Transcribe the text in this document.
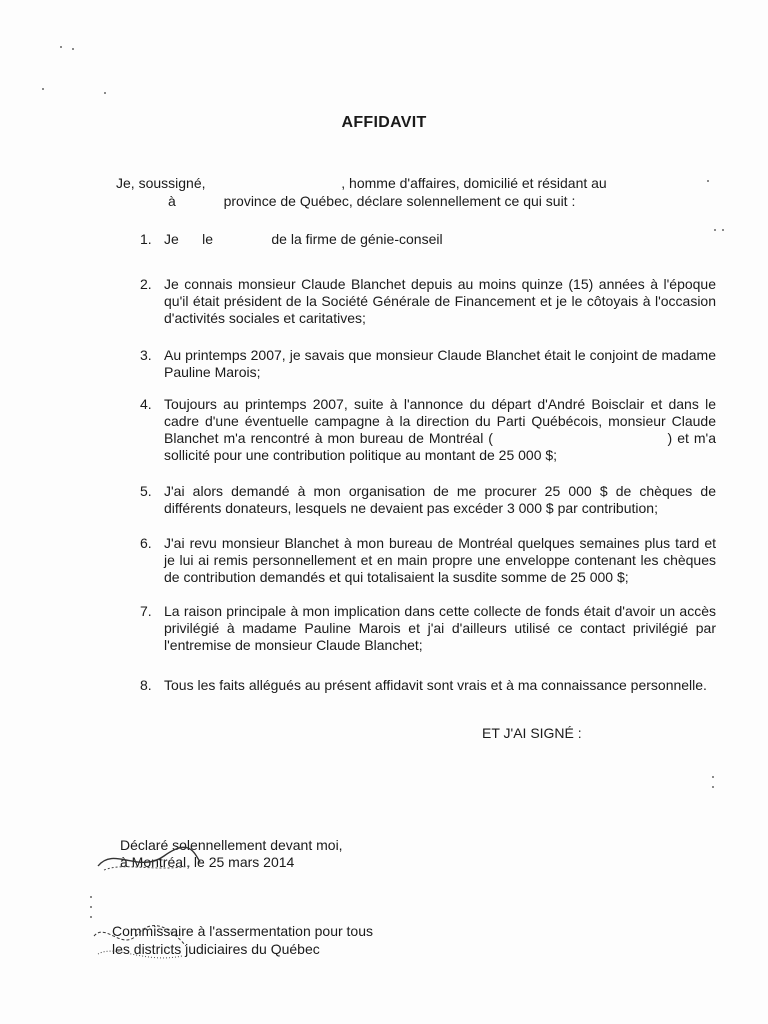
AFFIDAVIT
Je, soussigné,	, homme d'affaires, domicilié et résidant au
à	province de Québec, déclare solennellement ce qui suit :
1. Je      le               de la firme de génie-conseil
2. Je connais monsieur Claude Blanchet depuis au moins quinze (15) années à l'époque qu'il était président de la Société Générale de Financement et je le côtoyais à l'occasion d'activités sociales et caritatives;
3. Au printemps 2007, je savais que monsieur Claude Blanchet était le conjoint de madame Pauline Marois;
4. Toujours au printemps 2007, suite à l'annonce du départ d'André Boisclair et dans le cadre d'une éventuelle campagne à la direction du Parti Québécois, monsieur Claude Blanchet m'a rencontré à mon bureau de Montréal (                                   ) et m'a sollicité pour une contribution politique au montant de 25 000 $;
5. J'ai alors demandé à mon organisation de me procurer 25 000 $ de chèques de différents donateurs, lesquels ne devaient pas excéder 3 000 $ par contribution;
6. J'ai revu monsieur Blanchet à mon bureau de Montréal quelques semaines plus tard et je lui ai remis personnellement et en main propre une enveloppe contenant les chèques de contribution demandés et qui totalisaient la susdite somme de 25 000 $;
7. La raison principale à mon implication dans cette collecte de fonds était d'avoir un accès privilégié à madame Pauline Marois et j'ai d'ailleurs utilisé ce contact privilégié par l'entremise de monsieur Claude Blanchet;
8. Tous les faits allégués au présent affidavit sont vrais et à ma connaissance personnelle.
ET J'AI SIGNÉ :
Déclaré solennellement devant moi,
à Montréal, le 25 mars 2014
Commissaire à l'assermentation pour tous
les districts judiciaires du Québec
